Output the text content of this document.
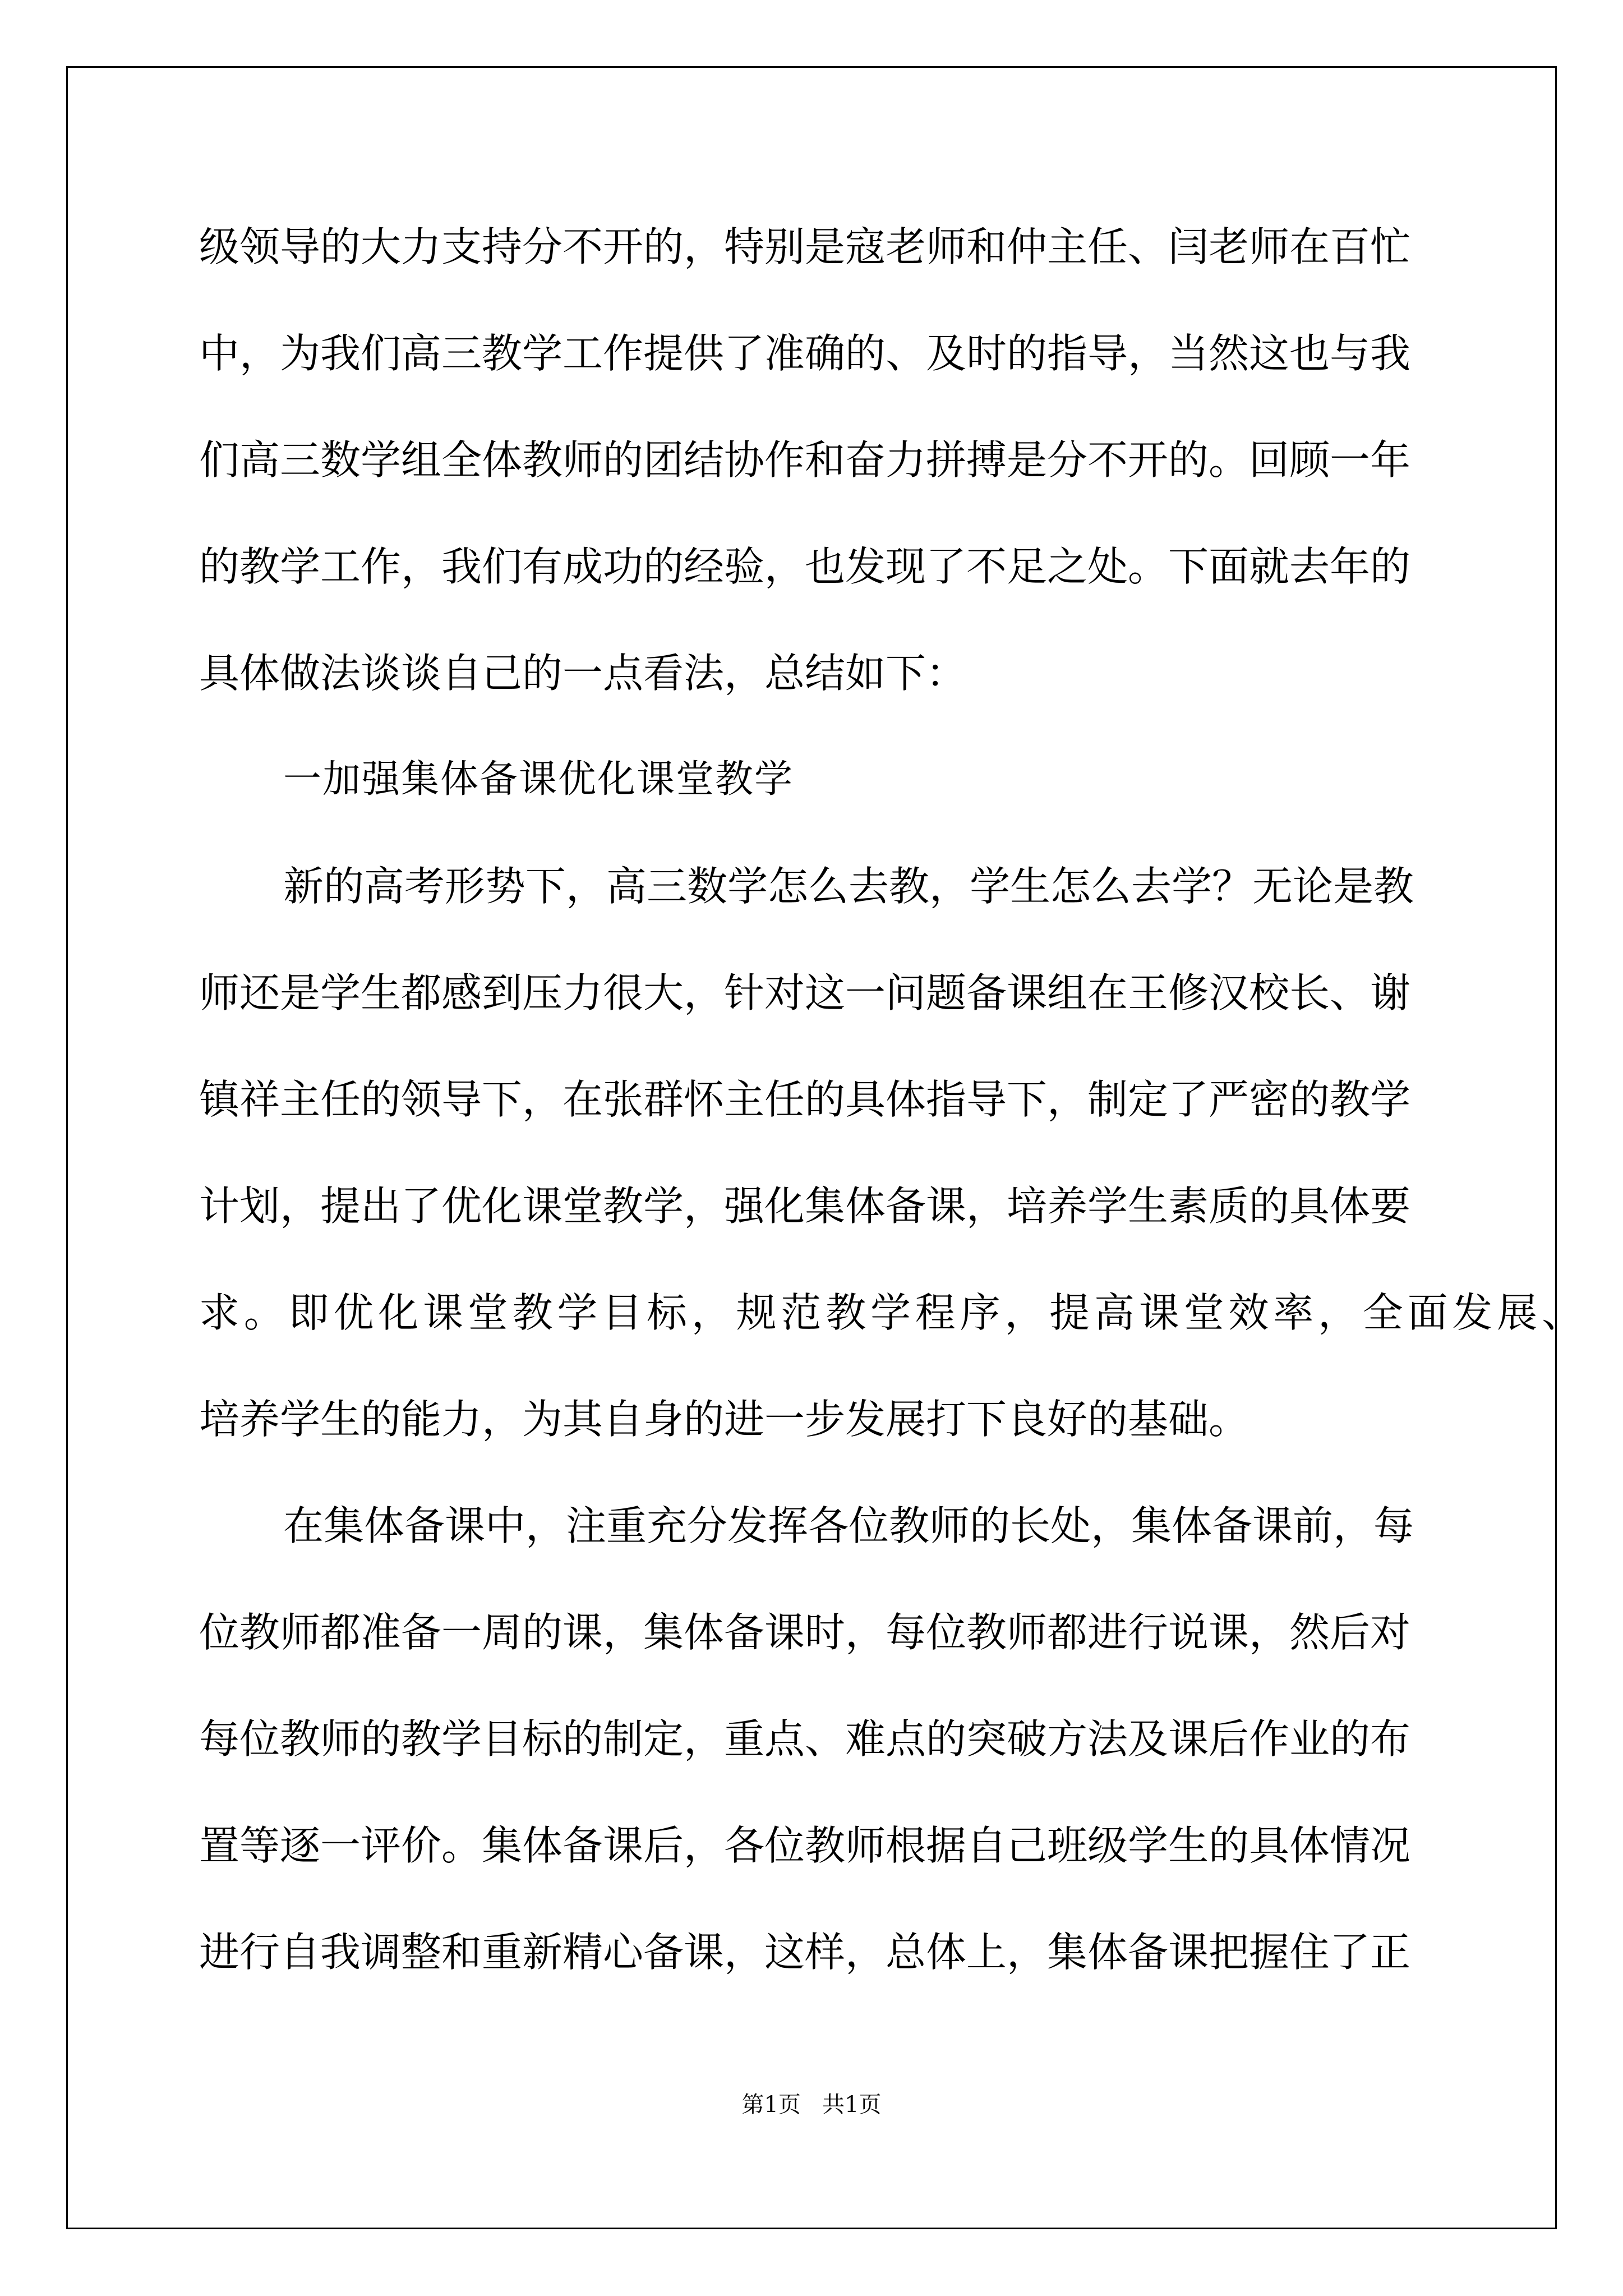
级领导的大力支持分不开的，特别是寇老师和仲主任、闫老师在百忙

中，为我们高三教学工作提供了准确的、及时的指导，当然这也与我

们高三数学组全体教师的团结协作和奋力拼搏是分不开的。回顾一年

的教学工作，我们有成功的经验，也发现了不足之处。下面就去年的

具体做法谈谈自己的一点看法，总结如下：

一加强集体备课优化课堂教学

新的高考形势下，高三数学怎么去教，学生怎么去学？无论是教

师还是学生都感到压力很大，针对这一问题备课组在王修汉校长、谢

镇祥主任的领导下，在张群怀主任的具体指导下，制定了严密的教学

计划，提出了优化课堂教学，强化集体备课，培养学生素质的具体要

求。即优化课堂教学目标，规范教学程序，提高课堂效率，全面发展、

培养学生的能力，为其自身的进一步发展打下良好的基础。

在集体备课中，注重充分发挥各位教师的长处，集体备课前，每

位教师都准备一周的课，集体备课时，每位教师都进行说课，然后对

每位教师的教学目标的制定，重点、难点的突破方法及课后作业的布

置等逐一评价。集体备课后，各位教师根据自己班级学生的具体情况

进行自我调整和重新精心备课，这样，总体上，集体备课把握住了正

第1页   共1页
